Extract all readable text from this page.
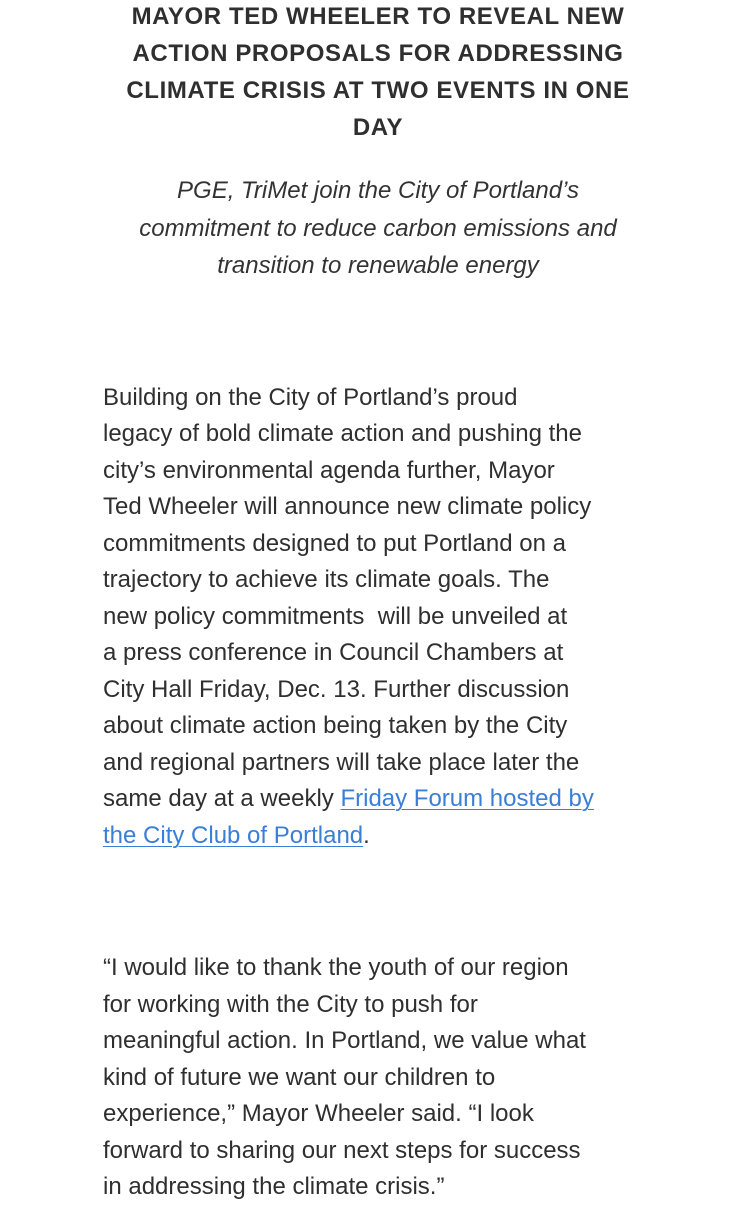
MAYOR TED WHEELER TO REVEAL NEW
ACTION PROPOSALS FOR ADDRESSING
CLIMATE CRISIS AT TWO EVENTS IN ONE
DAY
PGE, TriMet join the City of Portland’s
commitment to reduce carbon emissions and
transition to renewable energy
Building on the City of Portland’s proud
legacy of bold climate action and pushing the
city’s environmental agenda further, Mayor
Ted Wheeler will announce new climate policy
commitments designed to put Portland on a
trajectory to achieve its climate goals. The
new policy commitments  will be unveiled at
a press conference in Council Chambers at
City Hall Friday, Dec. 13. Further discussion
about climate action being taken by the City
and regional partners will take place later the
same day at a weekly Friday Forum hosted by
the City Club of Portland.
“I would like to thank the youth of our region
for working with the City to push for
meaningful action. In Portland, we value what
kind of future we want our children to
experience,” Mayor Wheeler said. “I look
forward to sharing our next steps for success
in addressing the climate crisis.”
